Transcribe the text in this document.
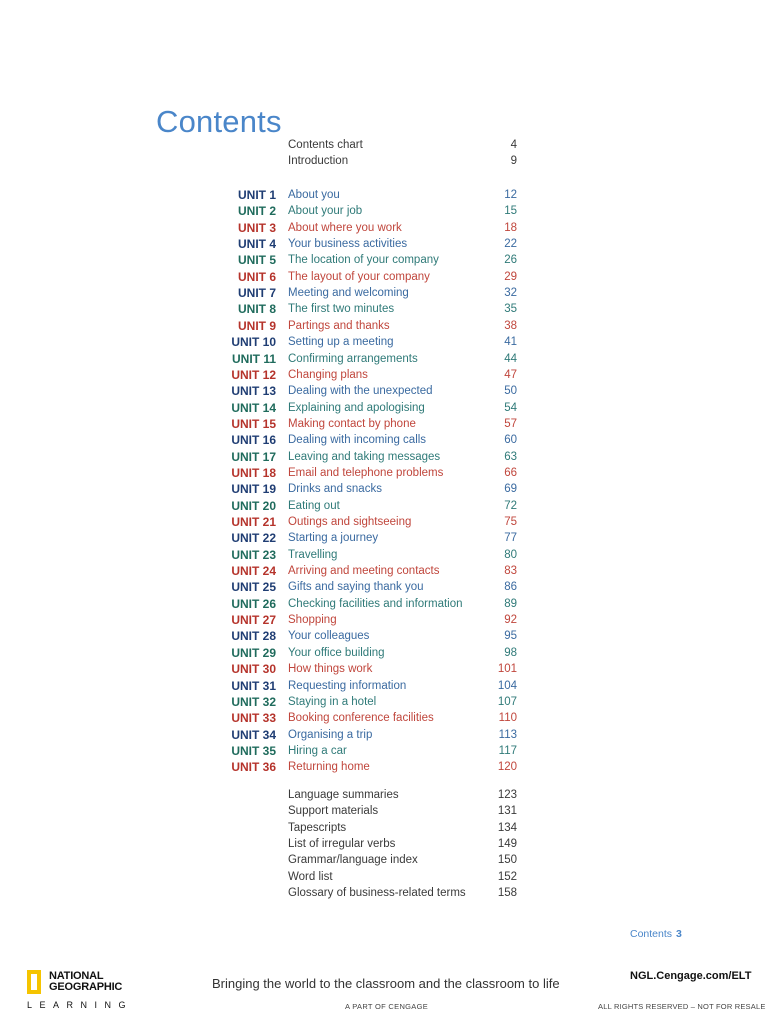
Contents
Contents chart	4
Introduction	9
UNIT 1 About you	12
UNIT 2 About your job	15
UNIT 3 About where you work	18
UNIT 4 Your business activities	22
UNIT 5 The location of your company	26
UNIT 6 The layout of your company	29
UNIT 7 Meeting and welcoming	32
UNIT 8 The first two minutes	35
UNIT 9 Partings and thanks	38
UNIT 10 Setting up a meeting	41
UNIT 11 Confirming arrangements	44
UNIT 12 Changing plans	47
UNIT 13 Dealing with the unexpected	50
UNIT 14 Explaining and apologising	54
UNIT 15 Making contact by phone	57
UNIT 16 Dealing with incoming calls	60
UNIT 17 Leaving and taking messages	63
UNIT 18 Email and telephone problems	66
UNIT 19 Drinks and snacks	69
UNIT 20 Eating out	72
UNIT 21 Outings and sightseeing	75
UNIT 22 Starting a journey	77
UNIT 23 Travelling	80
UNIT 24 Arriving and meeting contacts	83
UNIT 25 Gifts and saying thank you	86
UNIT 26 Checking facilities and information	89
UNIT 27 Shopping	92
UNIT 28 Your colleagues	95
UNIT 29 Your office building	98
UNIT 30 How things work	101
UNIT 31 Requesting information	104
UNIT 32 Staying in a hotel	107
UNIT 33 Booking conference facilities	110
UNIT 34 Organising a trip	113
UNIT 35 Hiring a car	117
UNIT 36 Returning home	120
Language summaries	123
Support materials	131
Tapescripts	134
List of irregular verbs	149
Grammar/language index	150
Word list	152
Glossary of business-related terms	158
Contents 3
NATIONAL
GEOGRAPHIC
LEARNING
Bringing the world to the classroom and the classroom to life
A PART OF CENGAGE
NGL.Cengage.com/ELT
ALL RIGHTS RESERVED – NOT FOR RESALE
